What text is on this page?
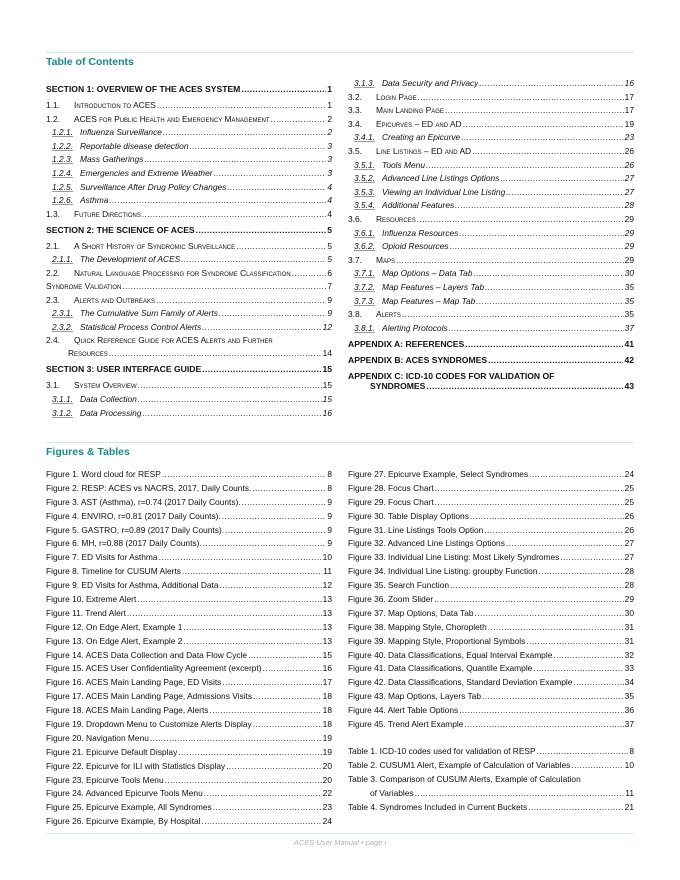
Table of Contents
SECTION 1: OVERVIEW OF THE ACES SYSTEM .....	1
1.1.	Introduction to ACES .....	1
1.2.	ACES for Public Health and Emergency Management .....	2
1.2.1. Influenza Surveillance .....	2
1.2.2. Reportable disease detection .....	3
1.2.3. Mass Gatherings .....	3
1.2.4. Emergencies and Extreme Weather .....	3
1.2.5. Surveillance After Drug Policy Changes .....	4
1.2.6. Asthma .....	4
1.3.	Future Directions .....	4
SECTION 2: THE SCIENCE OF ACES .....	5
2.1.	A Short History of Syndromic Surveillance .....	5
2.1.1. The Development of ACES .....	5
2.2.	Natural Language Processing for Syndrome Classification .....	6
Syndrome Validation .....	7
2.3.	Alerts and Outbreaks .....	9
2.3.1. The Cumulative Sum Family of Alerts .....	9
2.3.2. Statistical Process Control Alerts .....	12
2.4.	Quick Reference Guide for ACES Alerts and Further
Resources .....	14
SECTION 3: USER INTERFACE GUIDE .....	15
3.1.	System Overview .....	15
3.1.1. Data Collection .....	15
3.1.2. Data Processing .....	16
3.1.3. Data Security and Privacy .....	16
3.2.	Login Page .....	17
3.3.	Main Landing Page .....	17
3.4.	Epicurves – ED and AD .....	19
3.4.1. Creating an Epicurve .....	23
3.5.	Line Listings – ED and AD .....	26
3.5.1. Tools Menu .....	26
3.5.2. Advanced Line Listings Options .....	27
3.5.3. Viewing an Individual Line Listing .....	27
3.5.4. Additional Features .....	28
3.6.	Resources .....	29
3.6.1. Influenza Resources .....	29
3.6.2. Opioid Resources .....	29
3.7.	Maps .....	29
3.7.1. Map Options – Data Tab .....	30
3.7.2. Map Features – Layers Tab .....	35
3.7.3. Map Features – Map Tab .....	35
3.8.	Alerts .....	35
3.8.1. Alerting Protocols .....	37
APPENDIX A: REFERENCES .....	41
APPENDIX B: ACES SYNDROMES .....	42
APPENDIX C: ICD-10 CODES FOR VALIDATION OF
SYNDROMES .....	43
Figures & Tables
Figure 1. Word cloud for RESP .....	8
Figure 2. RESP: ACES vs NACRS, 2017, Daily Counts. .....	8
Figure 3. AST (Asthma), r=0.74 (2017 Daily Counts). .....	9
Figure 4. ENVIRO, r=0.81 (2017 Daily Counts). .....	9
Figure 5. GASTRO, r=0.89 (2017 Daily Counts). .....	9
Figure 6. MH, r=0.88 (2017 Daily Counts). .....	9
Figure 7. ED Visits for Asthma .....	10
Figure 8. Timeline for CUSUM Alerts .....	11
Figure 9. ED Visits for Asthma, Additional Data .....	12
Figure 10. Extreme Alert .....	13
Figure 11. Trend Alert .....	13
Figure 12. On Edge Alert, Example 1 .....	13
Figure 13. On Edge Alert, Example 2 .....	13
Figure 14. ACES Data Collection and Data Flow Cycle .....	15
Figure 15. ACES User Confidentiality Agreement (excerpt) .....	16
Figure 16. ACES Main Landing Page, ED Visits .....	17
Figure 17. ACES Main Landing Page, Admissions Visits .....	18
Figure 18. ACES Main Landing Page, Alerts .....	18
Figure 19. Dropdown Menu to Customize Alerts Display .....	18
Figure 20. Navigation Menu .....	19
Figure 21. Epicurve Default Display .....	19
Figure 22. Epicurve for ILI with Statistics Display .....	20
Figure 23. Epicurve Tools Menu .....	20
Figure 24. Advanced Epicurve Tools Menu .....	22
Figure 25. Epicurve Example, All Syndromes .....	23
Figure 26. Epicurve Example, By Hospital .....	24
Figure 27. Epicurve Example, Select Syndromes .....	24
Figure 28. Focus Chart .....	25
Figure 29. Focus Chart .....	25
Figure 30. Table Display Options .....	26
Figure 31. Line Listings Tools Option .....	26
Figure 32. Advanced Line Listings Options .....	27
Figure 33. Individual Line Listing: Most Likely Syndromes .....	27
Figure 34. Individual Line Listing: groupby Function .....	28
Figure 35. Search Function .....	28
Figure 36. Zoom Slider .....	29
Figure 37. Map Options, Data Tab .....	30
Figure 38. Mapping Style, Choropleth .....	31
Figure 39. Mapping Style, Proportional Symbols .....	31
Figure 40. Data Classifications, Equal Interval Example .....	32
Figure 41. Data Classifications, Quantile Example .....	33
Figure 42. Data Classifications, Standard Deviation Example .....	34
Figure 43. Map Options, Layers Tab .....	35
Figure 44. Alert Table Options .....	36
Figure 45. Trend Alert Example .....	37
Table 1. ICD-10 codes used for validation of RESP .....	8
Table 2. CUSUM1 Alert, Example of Calculation of Variables .....	10
Table 3. Comparison of CUSUM Alerts, Example of Calculation
of Variables .....	11
Table 4. Syndromes Included in Current Buckets .....	21
ACES User Manual • page i
